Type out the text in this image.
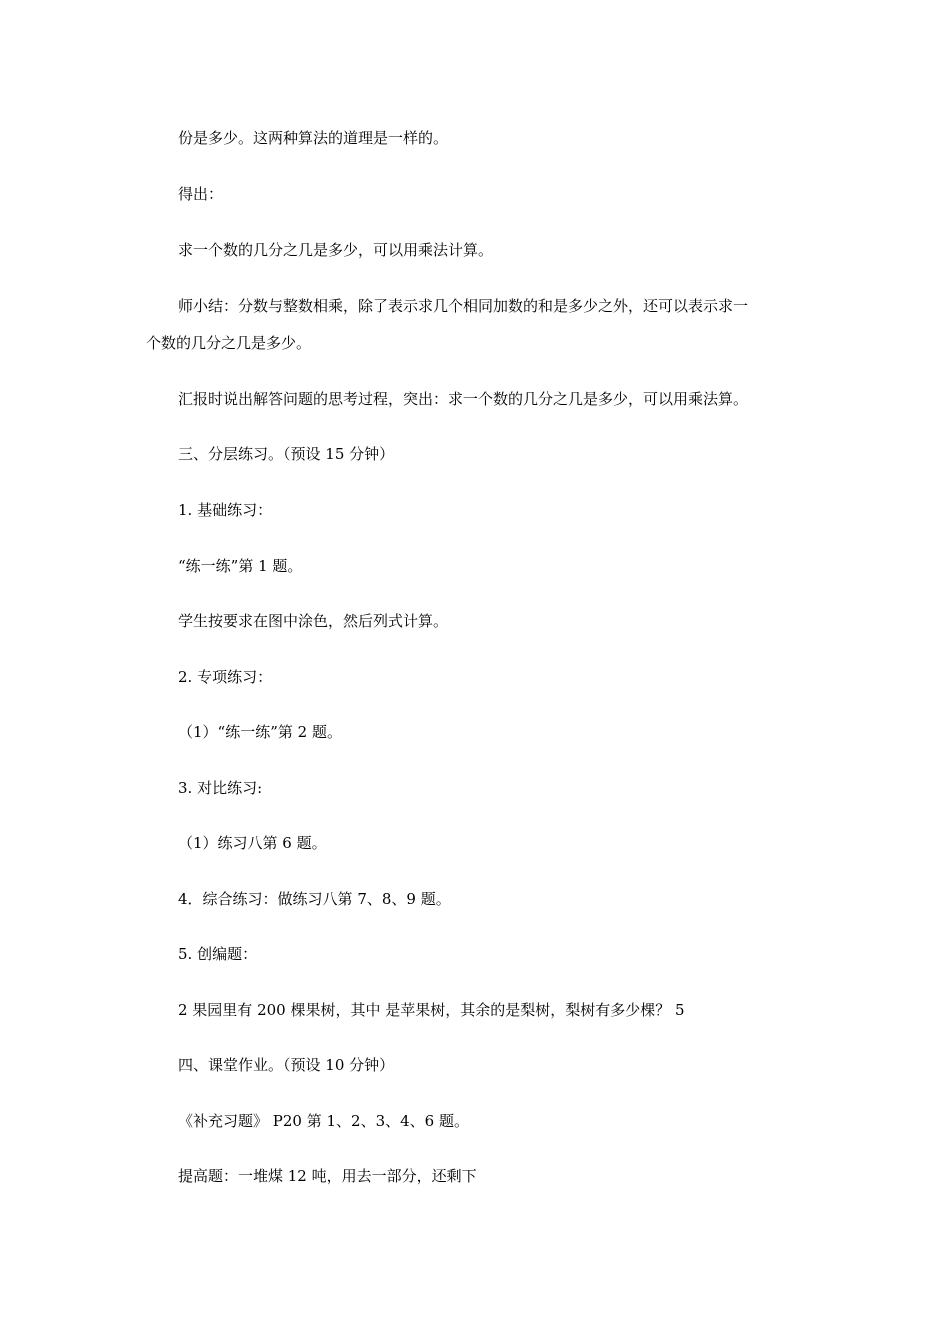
份是多少。这两种算法的道理是一样的。
得出：
求一个数的几分之几是多少，可以用乘法计算。
师小结：分数与整数相乘，除了表示求几个相同加数的和是多少之外，还可以表示求一
个数的几分之几是多少。
汇报时说出解答问题的思考过程，突出：求一个数的几分之几是多少，可以用乘法算。
三、分层练习。（预设 15 分钟）
1. 基础练习：
“练一练”第 1 题。
学生按要求在图中涂色，然后列式计算。
2. 专项练习：
（1）“练一练”第 2 题。
3. 对比练习:
（1）练习八第 6 题。
4．综合练习：做练习八第 7、8、9 题。
5. 创编题：
2 果园里有 200 棵果树，其中 是苹果树，其余的是梨树，梨树有多少棵？ 5
四、课堂作业。（预设 10 分钟）
《补充习题》 P20 第 1、2、3、4、6 题。
提高题：一堆煤 12 吨，用去一部分，还剩下
